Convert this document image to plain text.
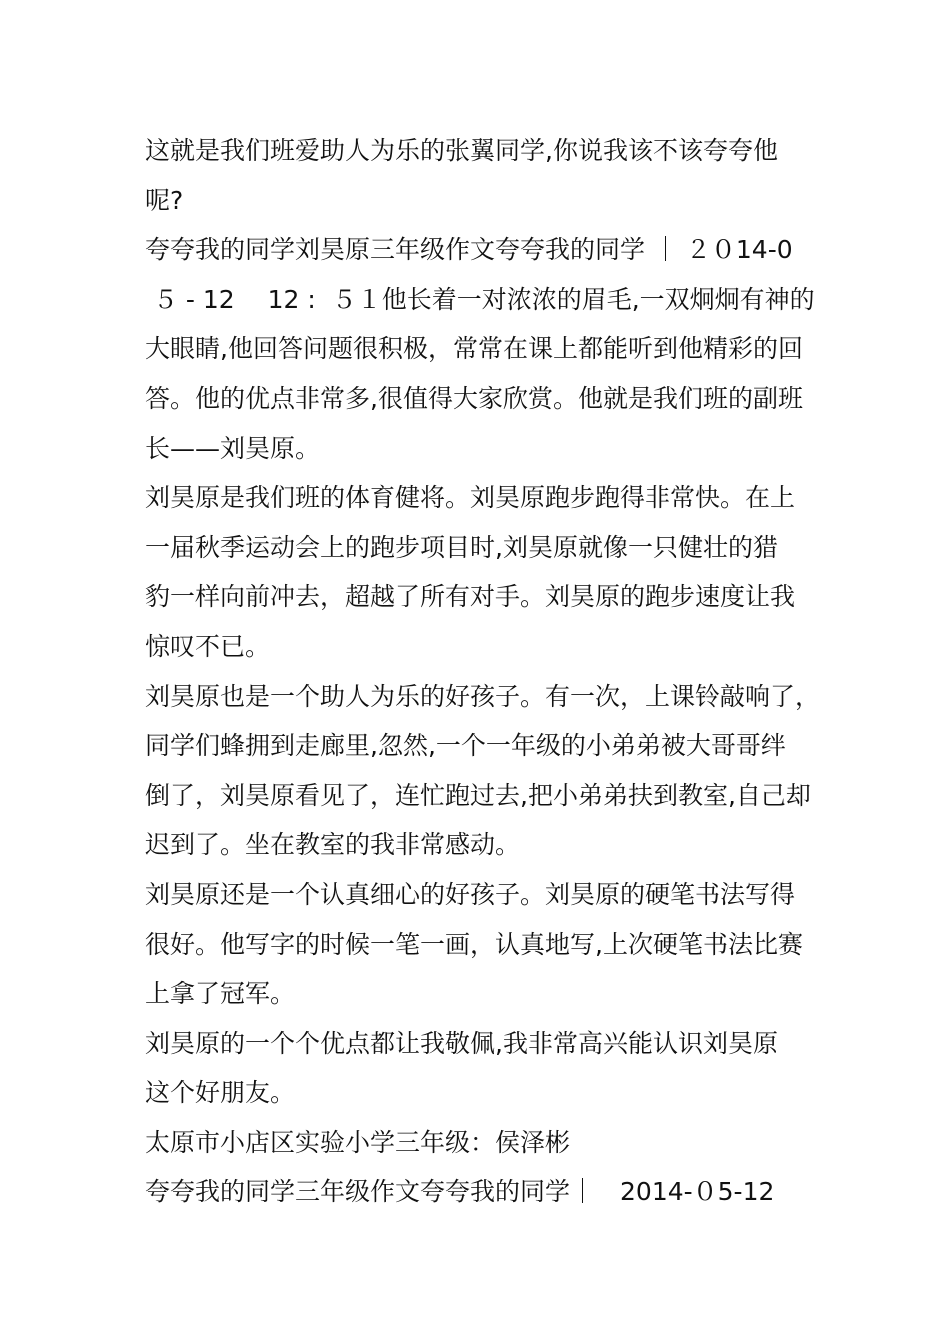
这就是我们班爱助人为乐的张翼同学,你说我该不该夸夸他
呢?
夸夸我的同学刘昊原三年级作文夸夸我的同学 ｜ ２０14-0
５ - 12　 12 :  ５１他长着一对浓浓的眉毛,一双炯炯有神的
大眼睛,他回答问题很积极，常常在课上都能听到他精彩的回
答。他的优点非常多,很值得大家欣赏。他就是我们班的副班
长——刘昊原。
刘昊原是我们班的体育健将。刘昊原跑步跑得非常快。在上
一届秋季运动会上的跑步项目时,刘昊原就像一只健壮的猎
豹一样向前冲去，超越了所有对手。刘昊原的跑步速度让我
惊叹不已。
刘昊原也是一个助人为乐的好孩子。有一次，上课铃敲响了，
同学们蜂拥到走廊里,忽然,一个一年级的小弟弟被大哥哥绊
倒了，刘昊原看见了，连忙跑过去,把小弟弟扶到教室,自己却
迟到了。坐在教室的我非常感动。
刘昊原还是一个认真细心的好孩子。刘昊原的硬笔书法写得
很好。他写字的时候一笔一画，认真地写,上次硬笔书法比赛
上拿了冠军。
刘昊原的一个个优点都让我敬佩,我非常高兴能认识刘昊原
这个好朋友。
太原市小店区实验小学三年级：侯泽彬
夸夸我的同学三年级作文夸夸我的同学｜　2014-０5-12
